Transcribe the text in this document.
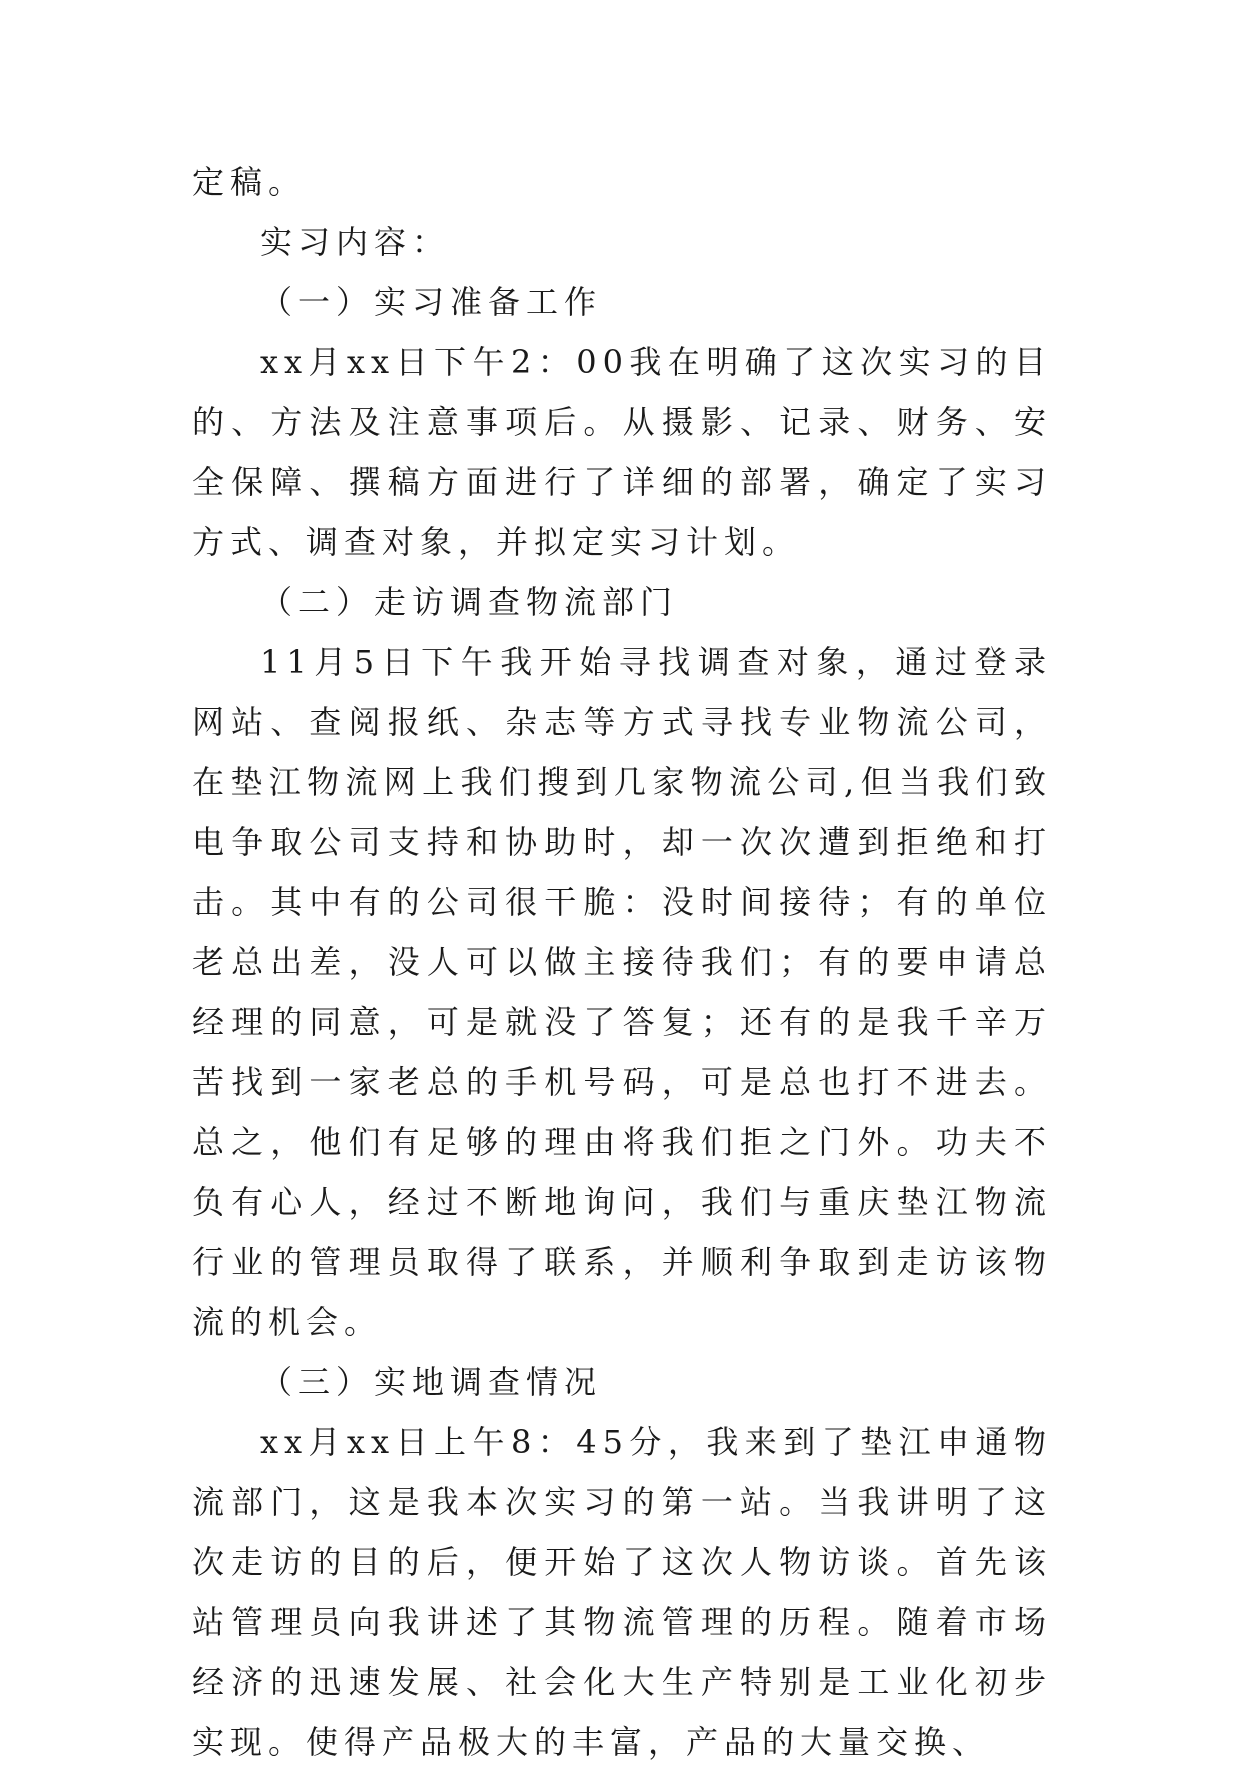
定稿。

实习内容：

（一）实习准备工作

xx月xx日下午2：00我在明确了这次实习的目的、方法及注意事项后。从摄影、记录、财务、安全保障、撰稿方面进行了详细的部署，确定了实习方式、调查对象，并拟定实习计划。

（二）走访调查物流部门

11月5日下午我开始寻找调查对象，通过登录网站、查阅报纸、杂志等方式寻找专业物流公司，在垫江物流网上我们搜到几家物流公司,但当我们致电争取公司支持和协助时，却一次次遭到拒绝和打击。其中有的公司很干脆：没时间接待；有的单位老总出差，没人可以做主接待我们；有的要申请总经理的同意，可是就没了答复；还有的是我千辛万苦找到一家老总的手机号码，可是总也打不进去。总之，他们有足够的理由将我们拒之门外。功夫不负有心人，经过不断地询问，我们与重庆垫江物流行业的管理员取得了联系，并顺利争取到走访该物流的机会。

（三）实地调查情况

xx月xx日上午8：45分，我来到了垫江申通物流部门，这是我本次实习的第一站。当我讲明了这次走访的目的后，便开始了这次人物访谈。首先该站管理员向我讲述了其物流管理的历程。随着市场经济的迅速发展、社会化大生产特别是工业化初步实现。使得产品极大的丰富，产品的大量交换、
